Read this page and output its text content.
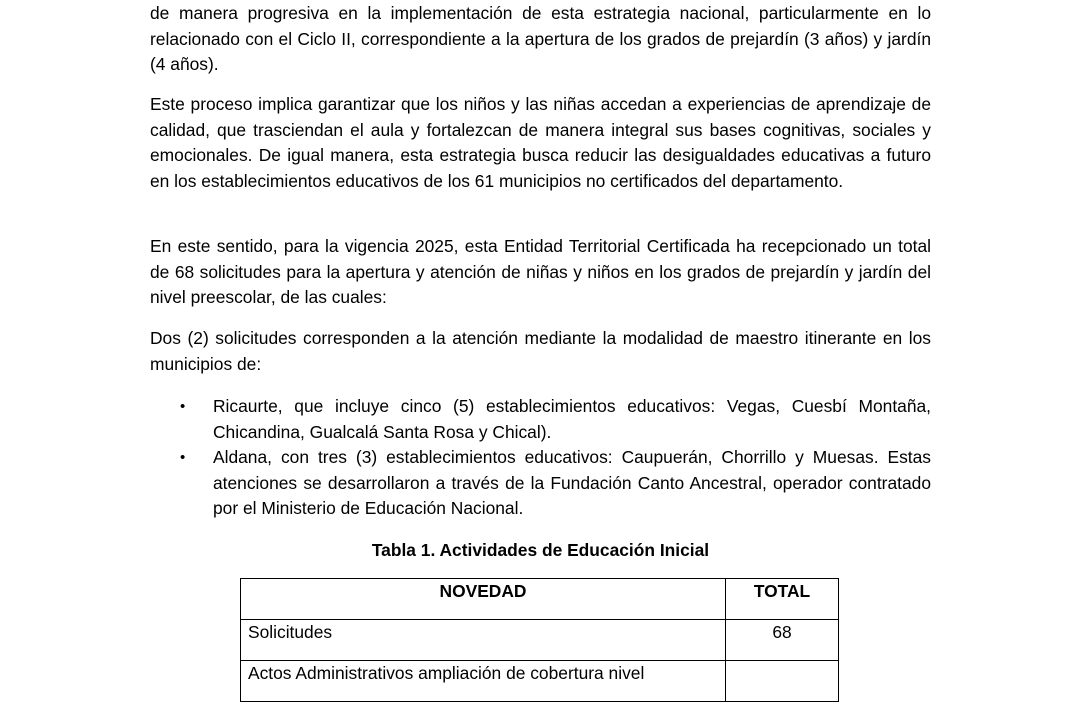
de manera progresiva en la implementación de esta estrategia nacional, particularmente en lo relacionado con el Ciclo II, correspondiente a la apertura de los grados de prejardín (3 años) y jardín (4 años).

Este proceso implica garantizar que los niños y las niñas accedan a experiencias de aprendizaje de calidad, que trasciendan el aula y fortalezcan de manera integral sus bases cognitivas, sociales y emocionales. De igual manera, esta estrategia busca reducir las desigualdades educativas a futuro en los establecimientos educativos de los 61 municipios no certificados del departamento.

En este sentido, para la vigencia 2025, esta Entidad Territorial Certificada ha recepcionado un total de 68 solicitudes para la apertura y atención de niñas y niños en los grados de prejardín y jardín del nivel preescolar, de las cuales:

Dos (2) solicitudes corresponden a la atención mediante la modalidad de maestro itinerante en los municipios de:

• Ricaurte, que incluye cinco (5) establecimientos educativos: Vegas, Cuesbí Montaña, Chicandina, Gualcalá Santa Rosa y Chical).
• Aldana, con tres (3) establecimientos educativos: Caupuerán, Chorrillo y Muesas. Estas atenciones se desarrollaron a través de la Fundación Canto Ancestral, operador contratado por el Ministerio de Educación Nacional.

Tabla 1. Actividades de Educación Inicial

NOVEDAD	TOTAL
Solicitudes	68
Actos Administrativos ampliación de cobertura nivel	
